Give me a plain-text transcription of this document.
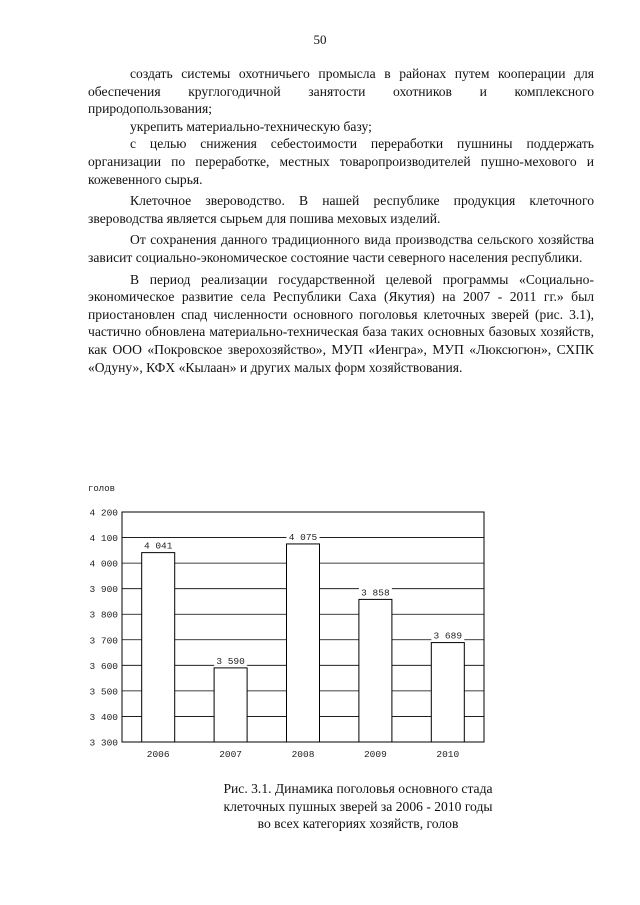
50

создать системы охотничьего промысла в районах путем кооперации для обеспечения круглогодичной занятости охотников и комплексного природопользования;

укрепить материально-техническую базу;

с целью снижения себестоимости переработки пушнины поддержать организации по переработке, местных товаропроизводителей пушно-мехового и кожевенного сырья.

Клеточное звероводство. В нашей республике продукция клеточного звероводства является сырьем для пошива меховых изделий.

От сохранения данного традиционного вида производства сельского хозяйства зависит социально-экономическое состояние части северного населения республики.

В период реализации государственной целевой программы «Социально-экономическое развитие села Республики Саха (Якутия) на 2007 - 2011 гг.» был приостановлен спад численности основного поголовья клеточных зверей (рис. 3.1), частично обновлена материально-техническая база таких основных базовых хозяйств, как ООО «Покровское зверохозяйство», МУП «Иенгра», МУП «Люксюгюн», СХПК «Одуну», КФХ «Кылаан» и других малых форм хозяйствования.

голов
3 300
3 400
3 500
3 600
3 700
3 800
3 900
4 000
4 100
4 200
4 041
2006
3 590
2007
4 075
2008
3 858
2009
3 689
2010
Рис. 3.1. Динамика поголовья основного стада
клеточных пушных зверей за 2006 - 2010 годы
во всех категориях хозяйств, голов
